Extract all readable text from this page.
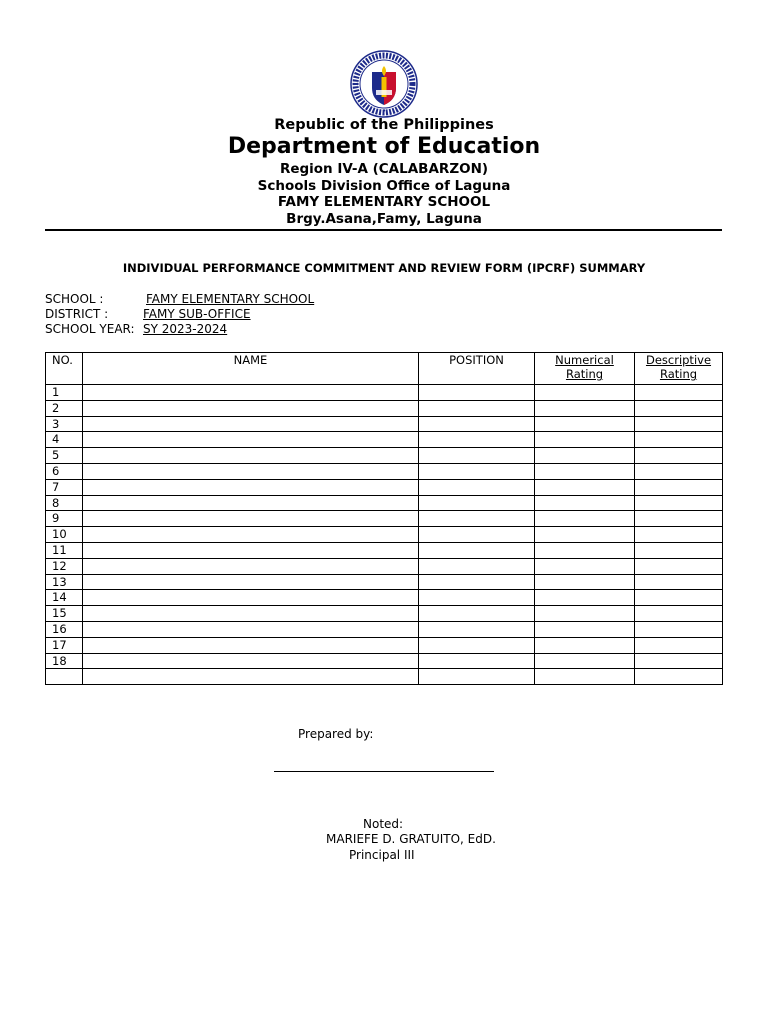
Republic of the Philippines
Department of Education
Region IV-A (CALABARZON)
Schools Division Office of Laguna
FAMY ELEMENTARY SCHOOL
Brgy.Asana,Famy, Laguna
INDIVIDUAL PERFORMANCE COMMITMENT AND REVIEW FORM (IPCRF) SUMMARY
SCHOOL :	FAMY ELEMENTARY SCHOOL
DISTRICT :	FAMY SUB-OFFICE
SCHOOL YEAR: SY 2023-2024
NO.	NAME	POSITION	Numerical Rating	Descriptive Rating
1				
2				
3				
4				
5				
6				
7				
8				
9				
10				
11				
12				
13				
14				
15				
16				
17				
18				

Prepared by:
Noted:
MARIEFE D. GRATUITO, EdD.
Principal III
